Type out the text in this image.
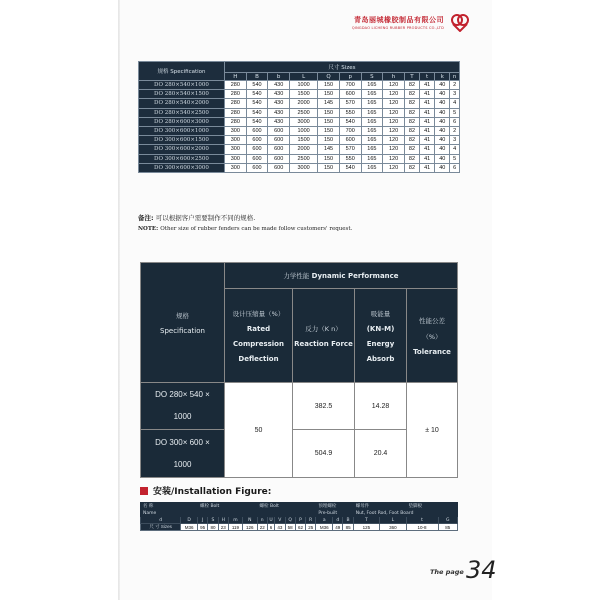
青岛丽城橡胶制品有限公司
QINGDAO LICHENG RUBBER PRODUCTS CO.,LTD
规格 Specification	尺寸 Sizes											
	H	B	b	L	Q	p	S	h	T	t	k	n
DO 280×540×1000	280	540	430	1000	150	700	165	120	82	41	40	2
DO 280×540×1500	280	540	430	1500	150	600	165	120	82	41	40	3
DO 280×540×2000	280	540	430	2000	145	570	165	120	82	41	40	4
DO 280×540×2500	280	540	430	2500	150	550	165	120	82	41	40	5
DO 280×600×3000	280	540	430	3000	150	540	165	120	82	41	40	6
DO 300×600×1000	300	600	600	1000	150	700	165	120	82	41	40	2
DO 300×600×1500	300	600	600	1500	150	600	165	120	82	41	40	3
DO 300×600×2000	300	600	600	2000	145	570	165	120	82	41	40	4
DO 300×600×2500	300	600	600	2500	150	550	165	120	82	41	40	5
DO 300×600×3000	300	600	600	3000	150	540	165	120	82	41	40	6
备注: 可以根据客户需要制作不同的规格.
NOTE: Other size of rubber fenders can be made follow customers' request.
规格
Specification	力学性能 Dynamic Performance			

	设计压缩量（%）
Rated
Compression
Deflection	反力（K n）
Reaction Force	吸能量
(KN-M)
Energy
Absorb	性能公差
（%）
Tolerance

DO 280× 540 ×
1000	50	382.5	14.28	± 10

DO 300× 600 ×
1000		504.9	20.4	
安装/Installation Figure:
名 称		螺栓 Bolt					螺栓 Bolt						预埋螺栓			螺母件		垫脚板	
Name													Pre-built			Nut, Foot Rod, Foot Board			
d	D	J	S	H	m	N	n	U	V	Q	P	R	a	d	B	T	L	t	G
尺 寸 Sizes	M36	95	80	23	119	126	22	6	43	58	62	25	M36	49	85	125	360	10-8	85
The page 34
